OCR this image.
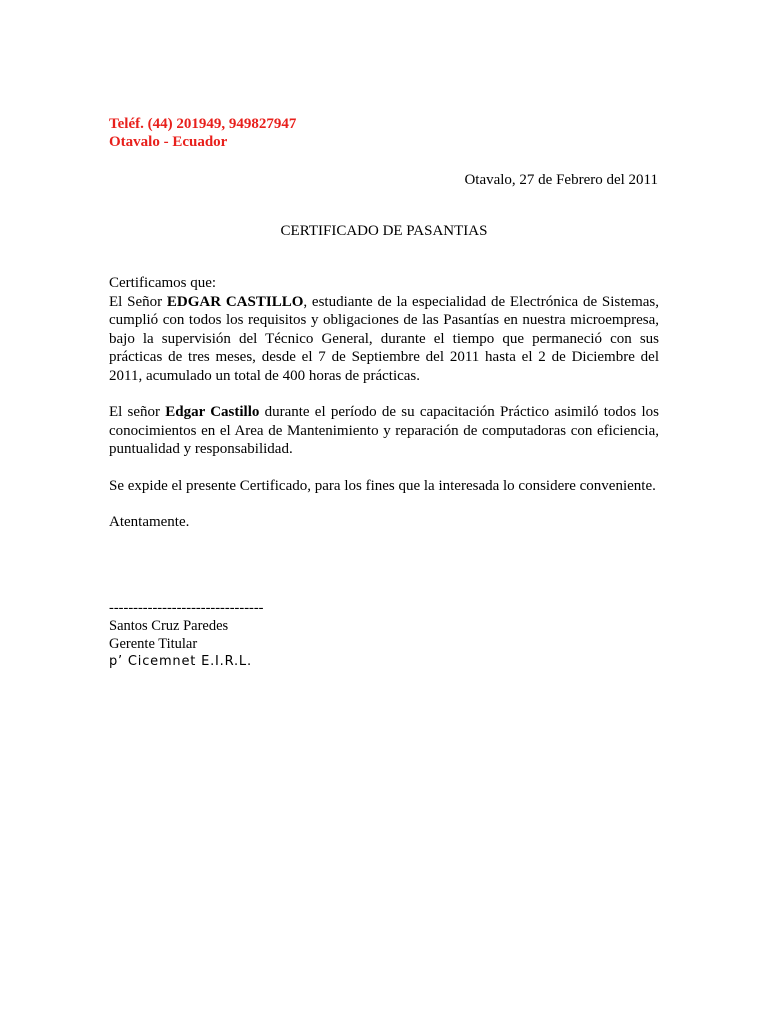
Teléf. (44) 201949, 949827947
Otavalo - Ecuador
Otavalo, 27 de Febrero del 2011
CERTIFICADO DE PASANTIAS

Certificamos que:

El Señor EDGAR CASTILLO, estudiante de la especialidad de Electrónica de Sistemas, cumplió con todos los requisitos y obligaciones de las Pasantías en nuestra microempresa, bajo la supervisión del Técnico General, durante el tiempo que permaneció con sus prácticas de tres meses, desde el 7 de Septiembre del 2011 hasta el 2 de Diciembre del 2011, acumulado un total de 400 horas de prácticas.

El señor Edgar Castillo durante el período de su capacitación Práctico asimiló todos los conocimientos en el Area de Mantenimiento y reparación de computadoras con eficiencia, puntualidad y responsabilidad.

Se expide el presente Certificado, para los fines que la interesada lo considere conveniente.

Atentamente.

--------------------------------
Santos Cruz Paredes
Gerente Titular
p’ Cicemnet E.I.R.L.
